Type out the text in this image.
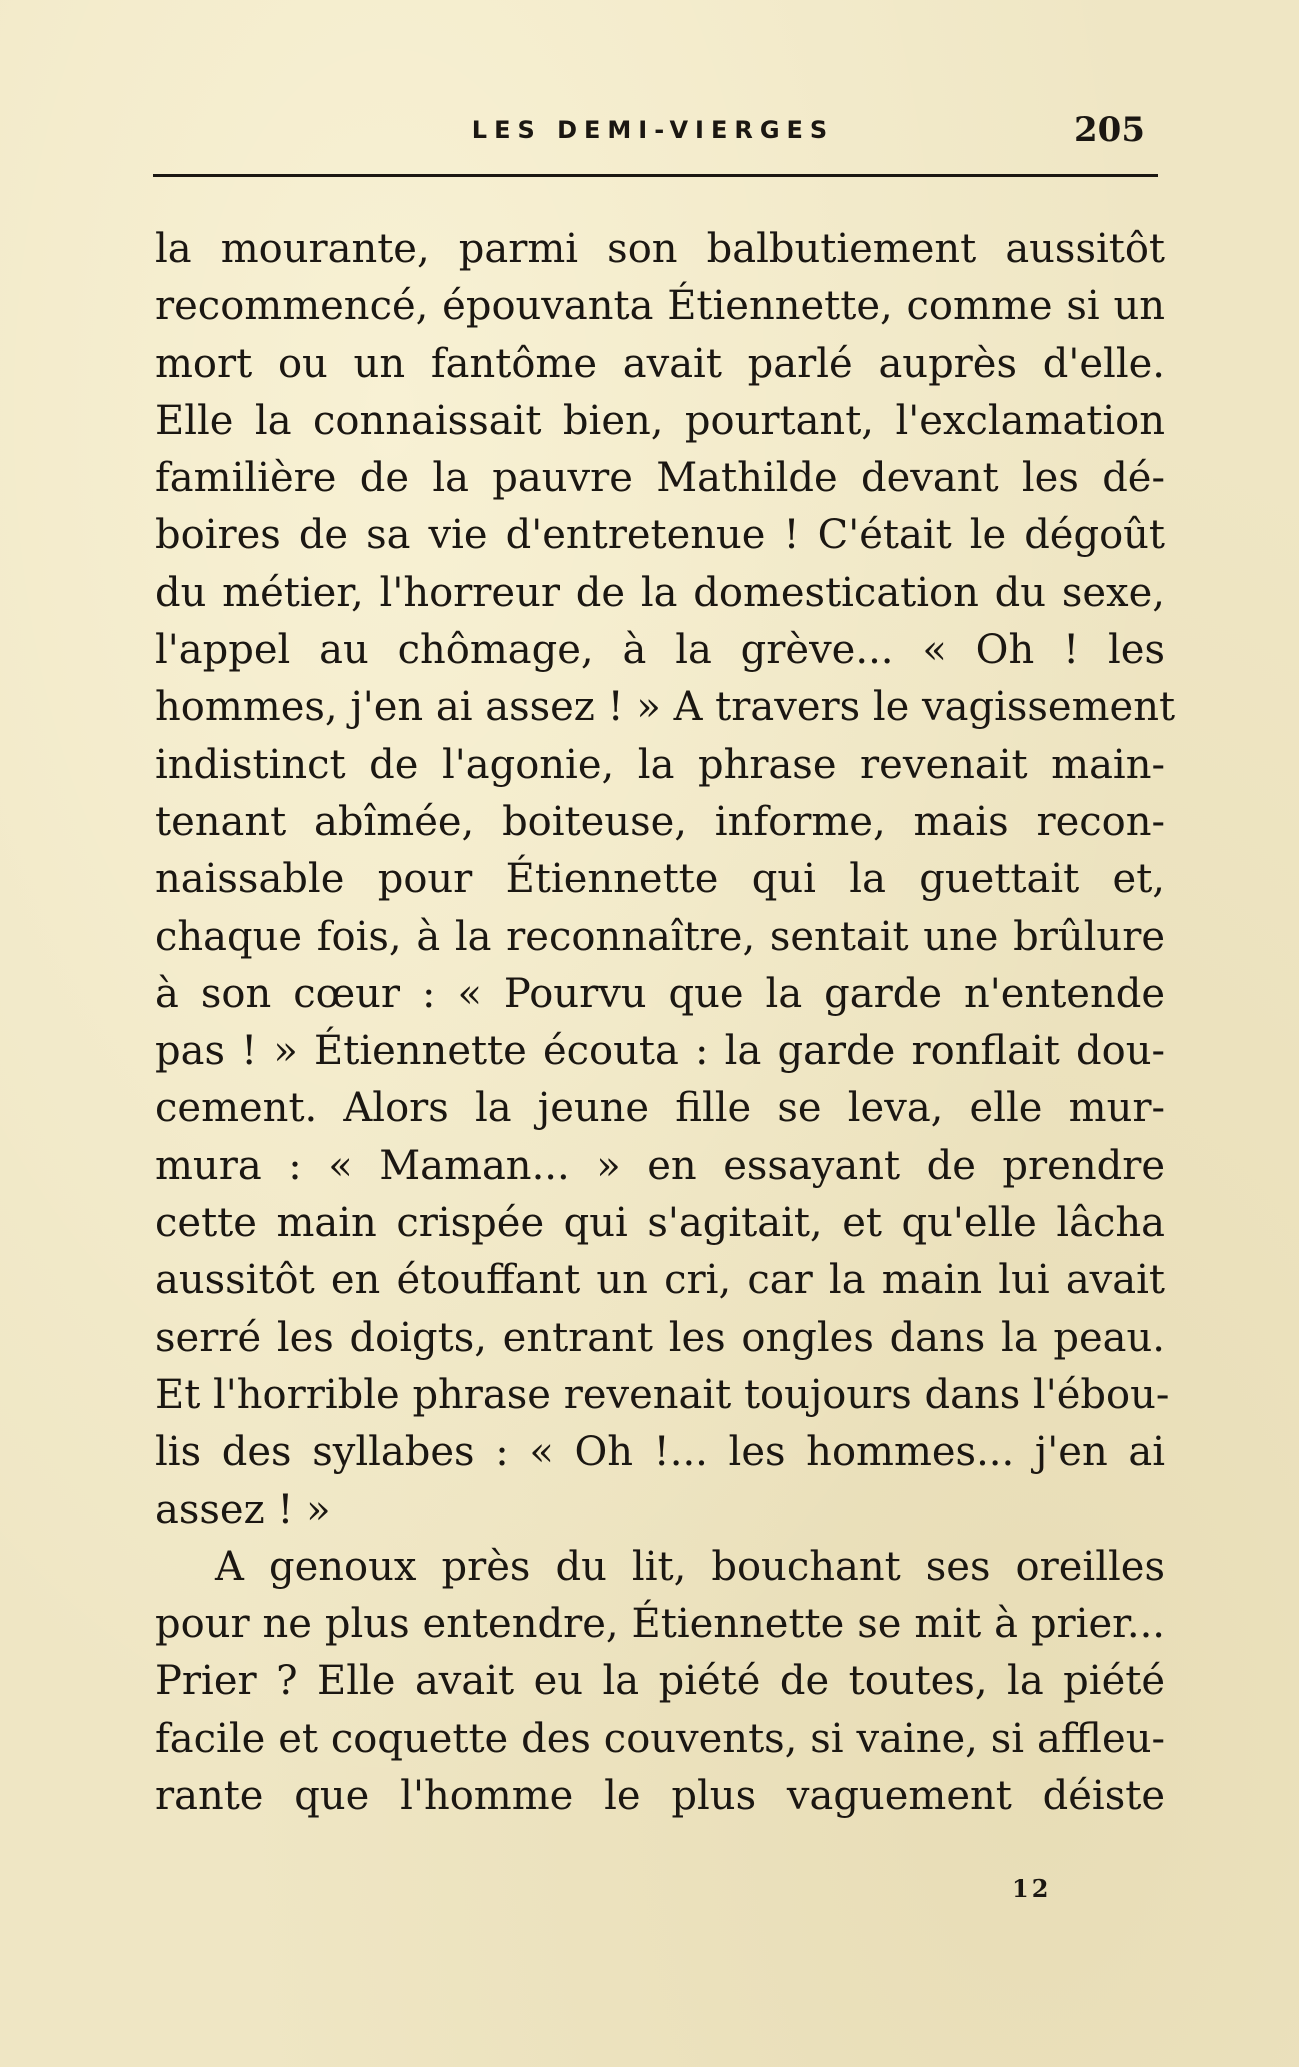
LES DEMI-VIERGES	205
la mourante, parmi son balbutiement aussitôt
recommencé, épouvanta Étiennette, comme si un
mort ou un fantôme avait parlé auprès d'elle.
Elle la connaissait bien, pourtant, l'exclamation
familière de la pauvre Mathilde devant les dé-
boires de sa vie d'entretenue ! C'était le dégoût
du métier, l'horreur de la domestication du sexe,
l'appel au chômage, à la grève... « Oh ! les
hommes, j'en ai assez ! » A travers le vagissement
indistinct de l'agonie, la phrase revenait main-
tenant abîmée, boiteuse, informe, mais recon-
naissable pour Étiennette qui la guettait et,
chaque fois, à la reconnaître, sentait une brûlure
à son cœur : « Pourvu que la garde n'entende
pas ! » Étiennette écouta : la garde ronflait dou-
cement. Alors la jeune fille se leva, elle mur-
mura : « Maman... » en essayant de prendre
cette main crispée qui s'agitait, et qu'elle lâcha
aussitôt en étouffant un cri, car la main lui avait
serré les doigts, entrant les ongles dans la peau.
Et l'horrible phrase revenait toujours dans l'ébou-
lis des syllabes : « Oh !... les hommes... j'en ai
assez ! »
A genoux près du lit, bouchant ses oreilles
pour ne plus entendre, Étiennette se mit à prier...
Prier ? Elle avait eu la piété de toutes, la piété
facile et coquette des couvents, si vaine, si affleu-
rante que l'homme le plus vaguement déiste
12
